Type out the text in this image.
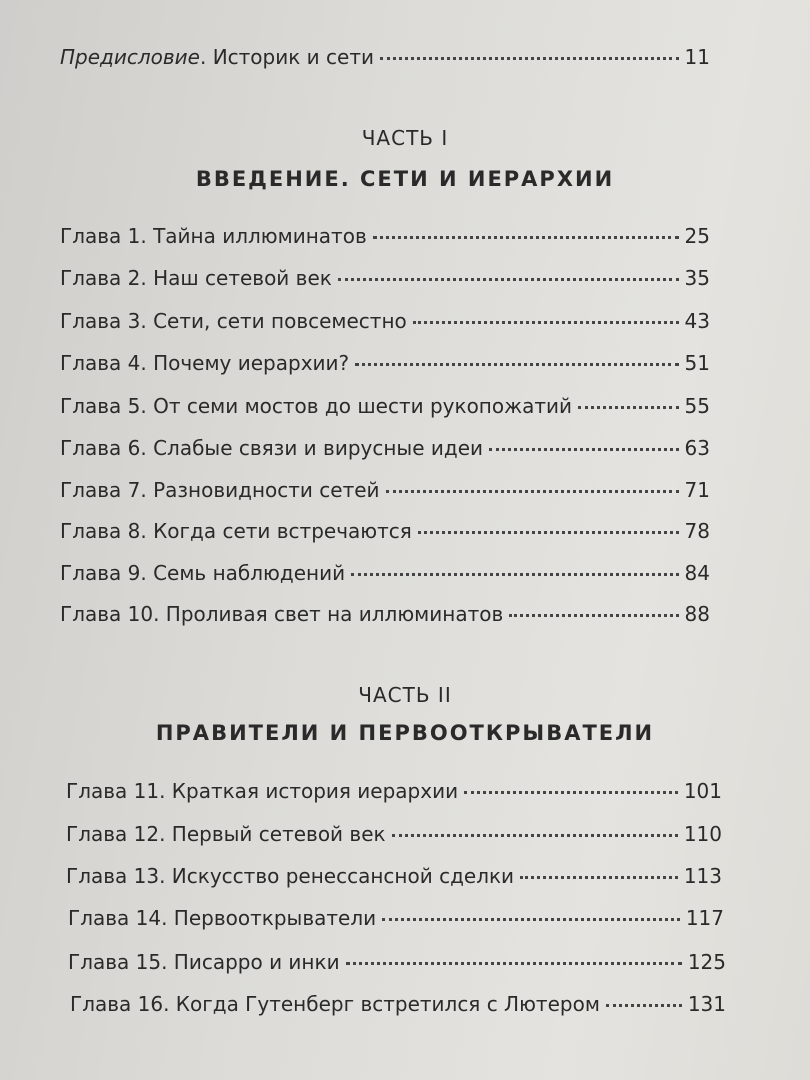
Предисловие. Историк и сети	11
ЧАСТЬ I
ВВЕДЕНИЕ. СЕТИ И ИЕРАРХИИ
Глава 1. Тайна иллюминатов	25
Глава 2. Наш сетевой век	35
Глава 3. Сети, сети повсеместно	43
Глава 4. Почему иерархии?	51
Глава 5. От семи мостов до шести рукопожатий	55
Глава 6. Слабые связи и вирусные идеи	63
Глава 7. Разновидности сетей	71
Глава 8. Когда сети встречаются	78
Глава 9. Семь наблюдений	84
Глава 10. Проливая свет на иллюминатов	88
ЧАСТЬ II
ПРАВИТЕЛИ И ПЕРВООТКРЫВАТЕЛИ
Глава 11. Краткая история иерархии	101
Глава 12. Первый сетевой век	110
Глава 13. Искусство ренессансной сделки	113
Глава 14. Первооткрыватели	117
Глава 15. Писарро и инки	125
Глава 16. Когда Гутенберг встретился с Лютером	131
